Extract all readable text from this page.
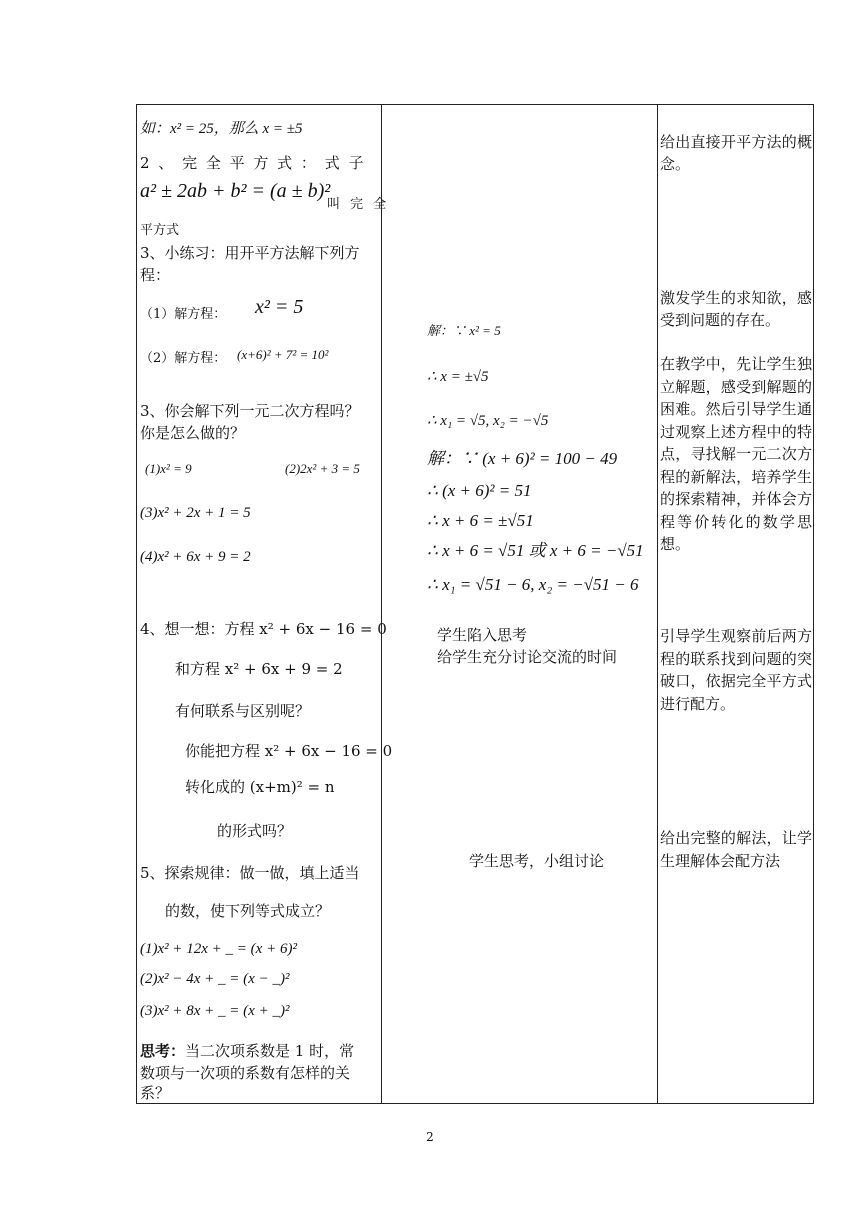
如：x² = 25，那么 x = ±5
2 、 完 全 平 方 式 ： 式 子
a² ± 2ab + b² = (a ± b)²
叫 完 全
平方式
3、小练习：用开平方法解下列方
程：
（1）解方程： x² = 5
（2）解方程： (x+6)² + 7² = 10²
3、你会解下列一元二次方程吗？
你是怎么做的？
(1)x² = 9	(2)2x² + 3 = 5
(3)x² + 2x + 1 = 5
(4)x² + 6x + 9 = 2
4、想一想：方程 x² + 6x − 16 = 0
和方程 x² + 6x + 9 = 2
有何联系与区别呢？
你能把方程 x² + 6x − 16 = 0
转化成的 (x+m)² = n
的形式吗？
5、探索规律：做一做，填上适当
的数，使下列等式成立？
(1)x² + 12x + _ = (x + 6)²
(2)x² − 4x + _ = (x − _)²
(3)x² + 8x + _ = (x + _)²
思考：当二次项系数是 1 时，常
数项与一次项的系数有怎样的关
系？
解：∵ x² = 5
∴ x = ±√5
∴ x₁ = √5, x₂ = −√5
解：∵ (x + 6)² = 100 − 49
∴ (x + 6)² = 51
∴ x + 6 = ±√51
∴ x + 6 = √51 或 x + 6 = −√51
∴ x₁ = √51 − 6, x₂ = −√51 − 6
学生陷入思考
给学生充分讨论交流的时间
学生思考，小组讨论
给出直接开平方法的概念。
激发学生的求知欲，感受到问题的存在。
在教学中，先让学生独立解题，感受到解题的困难。然后引导学生通过观察上述方程中的特点，寻找解一元二次方程的新解法，培养学生的探索精神，并体会方程等价转化的数学思想。
引导学生观察前后两方程的联系找到问题的突破口，依据完全平方式进行配方。
给出完整的解法，让学生理解体会配方法
2
